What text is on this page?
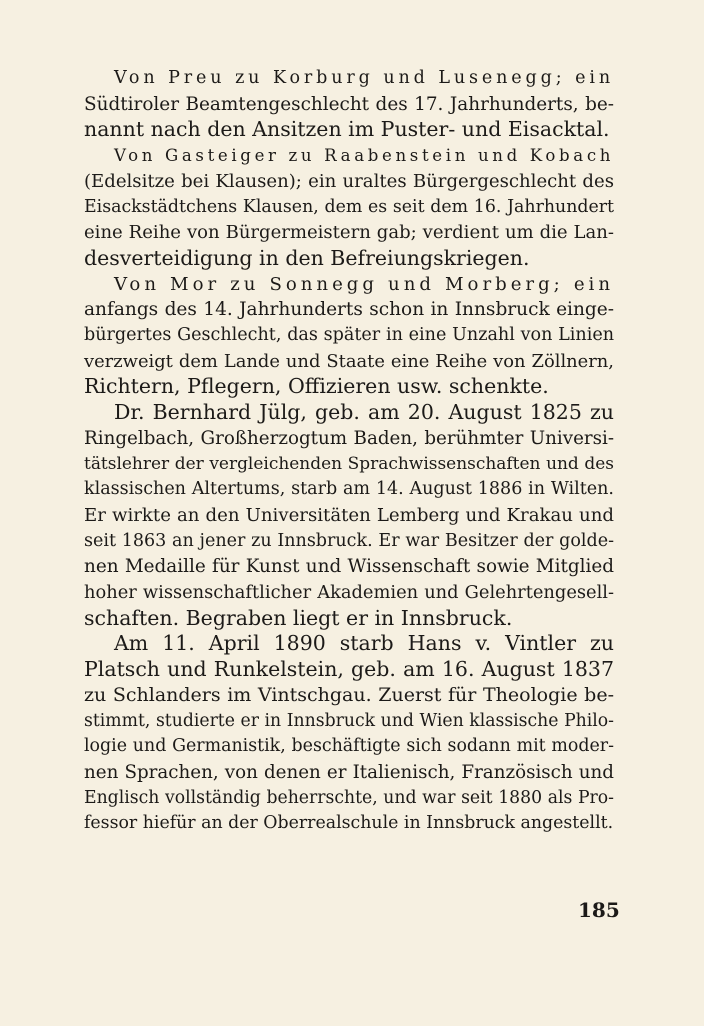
Von Preu zu Korburg und Lusenegg; ein
Südtiroler Beamtengeschlecht des 17. Jahrhunderts, be-
nannt nach den Ansitzen im Puster- und Eisacktal.
Von Gasteiger zu Raabenstein und Kobach
(Edelsitze bei Klausen); ein uraltes Bürgergeschlecht des
Eisackstädtchens Klausen, dem es seit dem 16. Jahrhundert
eine Reihe von Bürgermeistern gab; verdient um die Lan-
desverteidigung in den Befreiungskriegen.
Von Mor zu Sonnegg und Morberg; ein
anfangs des 14. Jahrhunderts schon in Innsbruck einge-
bürgertes Geschlecht, das später in eine Unzahl von Linien
verzweigt dem Lande und Staate eine Reihe von Zöllnern,
Richtern, Pflegern, Offizieren usw. schenkte.
Dr. Bernhard Jülg, geb. am 20. August 1825 zu
Ringelbach, Großherzogtum Baden, berühmter Universi-
tätslehrer der vergleichenden Sprachwissenschaften und des
klassischen Altertums, starb am 14. August 1886 in Wilten.
Er wirkte an den Universitäten Lemberg und Krakau und
seit 1863 an jener zu Innsbruck. Er war Besitzer der golde-
nen Medaille für Kunst und Wissenschaft sowie Mitglied
hoher wissenschaftlicher Akademien und Gelehrtengesell-
schaften. Begraben liegt er in Innsbruck.
Am 11. April 1890 starb Hans v. Vintler zu
Platsch und Runkelstein, geb. am 16. August 1837
zu Schlanders im Vintschgau. Zuerst für Theologie be-
stimmt, studierte er in Innsbruck und Wien klassische Philo-
logie und Germanistik, beschäftigte sich sodann mit moder-
nen Sprachen, von denen er Italienisch, Französisch und
Englisch vollständig beherrschte, und war seit 1880 als Pro-
fessor hiefür an der Oberrealschule in Innsbruck angestellt.
185
